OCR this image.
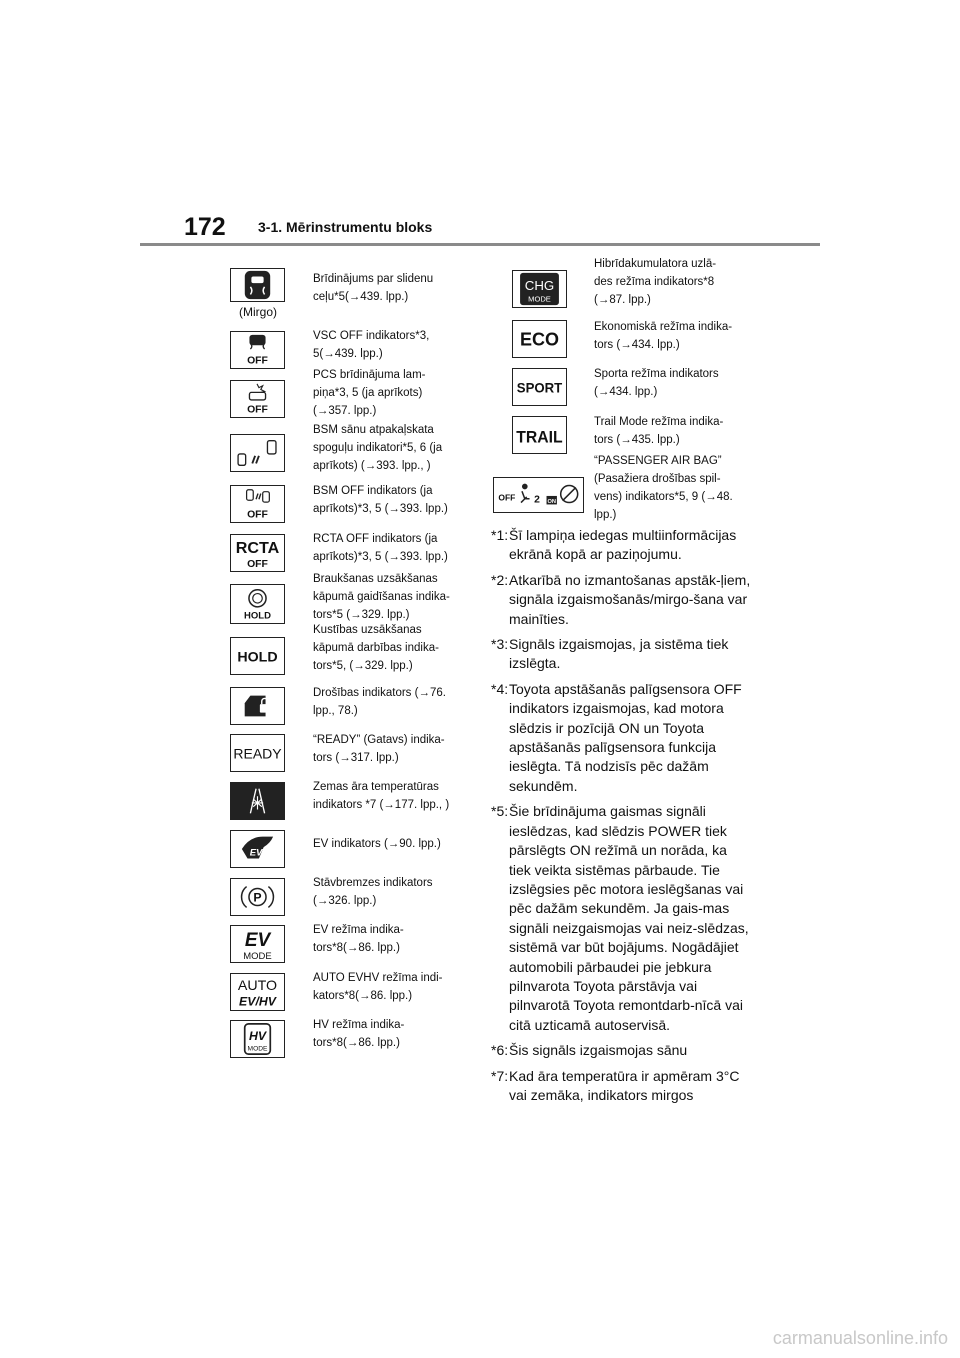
172 3-1. Mērinstrumentu bloks
(Mirgo)
Brīdinājums par slidenu
ceļu*5(→439. lpp.)
OFF
VSC OFF indikators*3,
5(→439. lpp.)
OFF
PCS brīdinājuma lam-
piņa*3, 5 (ja aprīkots)
(→357. lpp.)
BSM sānu atpakaļskata
spoguļu indikatori*5, 6 (ja
aprīkots) (→393. lpp., )
OFF
BSM OFF indikators (ja
aprīkots)*3, 5 (→393. lpp.)
RCTA
OFF
RCTA OFF indikators (ja
aprīkots)*3, 5 (→393. lpp.)
HOLD
Braukšanas uzsākšanas
kāpumā gaidīšanas indika-
tors*5 (→329. lpp.)
HOLD
Kustības uzsākšanas
kāpumā darbības indika-
tors*5, (→329. lpp.)
Drošības indikators (→76.
lpp., 78.)
READY
“READY” (Gatavs) indika-
tors (→317. lpp.)
Zemas āra temperatūras
indikators *7 (→177. lpp., )
EV
EV indikators (→90. lpp.)
P
Stāvbremzes indikators
(→326. lpp.)
EV
MODE
EV režīma indika-
tors*8(→86. lpp.)
AUTO
EV/HV
AUTO EVHV režīma indi-
kators*8(→86. lpp.)
HV
MODE
HV režīma indika-
tors*8(→86. lpp.)
CHG
MODE
Hibrīdakumulatora uzlā-
des režīma indikators*8
(→87. lpp.)
ECO
Ekonomiskā režīma indika-
tors (→434. lpp.)
SPORT
Sporta režīma indikators
(→434. lpp.)
TRAIL
Trail Mode režīma indika-
tors (→435. lpp.)
OFF 2 ON
“PASSENGER AIR BAG”
(Pasažiera drošības spil-
vens) indikators*5, 9 (→48.
lpp.)
*1: Šī lampiņa iedegas multiinformācijas ekrānā kopā ar paziņojumu.
*2: Atkarībā no izmantošanas apstāk-ļiem, signāla izgaismošanās/mirgo-šana var mainīties.
*3: Signāls izgaismojas, ja sistēma tiek izslēgta.
*4: Toyota apstāšanās palīgsensora OFF indikators izgaismojas, kad motora slēdzis ir pozīcijā ON un Toyota apstāšanās palīgsensora funkcija ieslēgta. Tā nodzisīs pēc dažām sekundēm.
*5: Šie brīdinājuma gaismas signāli ieslēdzas, kad slēdzis POWER tiek pārslēgts ON režīmā un norāda, ka tiek veikta sistēmas pārbaude. Tie izslēgsies pēc motora ieslēgšanas vai pēc dažām sekundēm. Ja gais-mas signāli neizgaismojas vai neiz-slēdzas, sistēmā var būt bojājums. Nogādājiet automobili pārbaudei pie jebkura pilnvarota Toyota pārstāvja vai pilnvarotā Toyota remontdarb-nīcā vai citā uzticamā autoservisā.
*6: Šis signāls izgaismojas sānu
*7: Kad āra temperatūra ir apmēram 3°C vai zemāka, indikators mirgos
carmanualsonline.info
